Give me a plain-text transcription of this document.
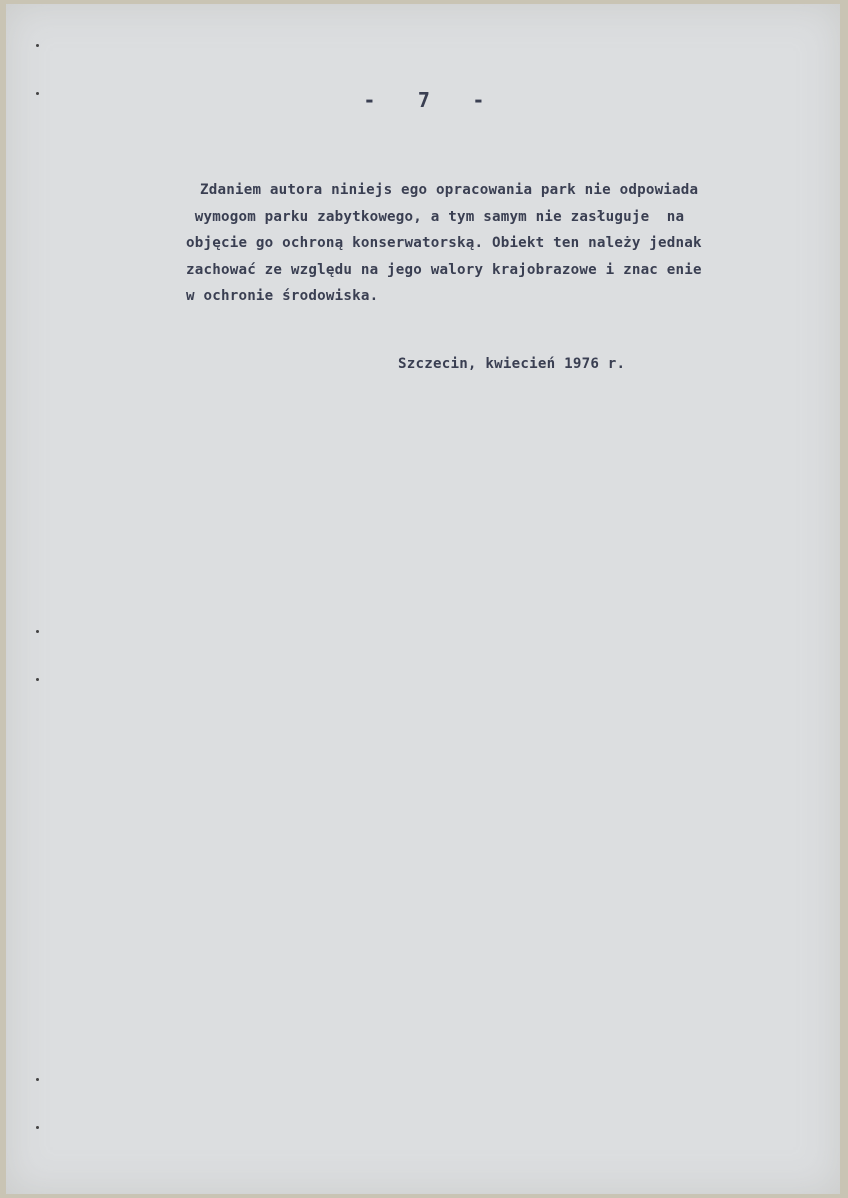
- 7 -
Zdaniem autora niniejs ego opracowania park nie odpowiada
wymogom parku zabytkowego, a tym samym nie zasługuje  na
objęcie go ochroną konserwatorską. Obiekt ten należy jednak
zachować ze względu na jego walory krajobrazowe i znac enie
w ochronie środowiska.
Szczecin, kwiecień 1976 r.
